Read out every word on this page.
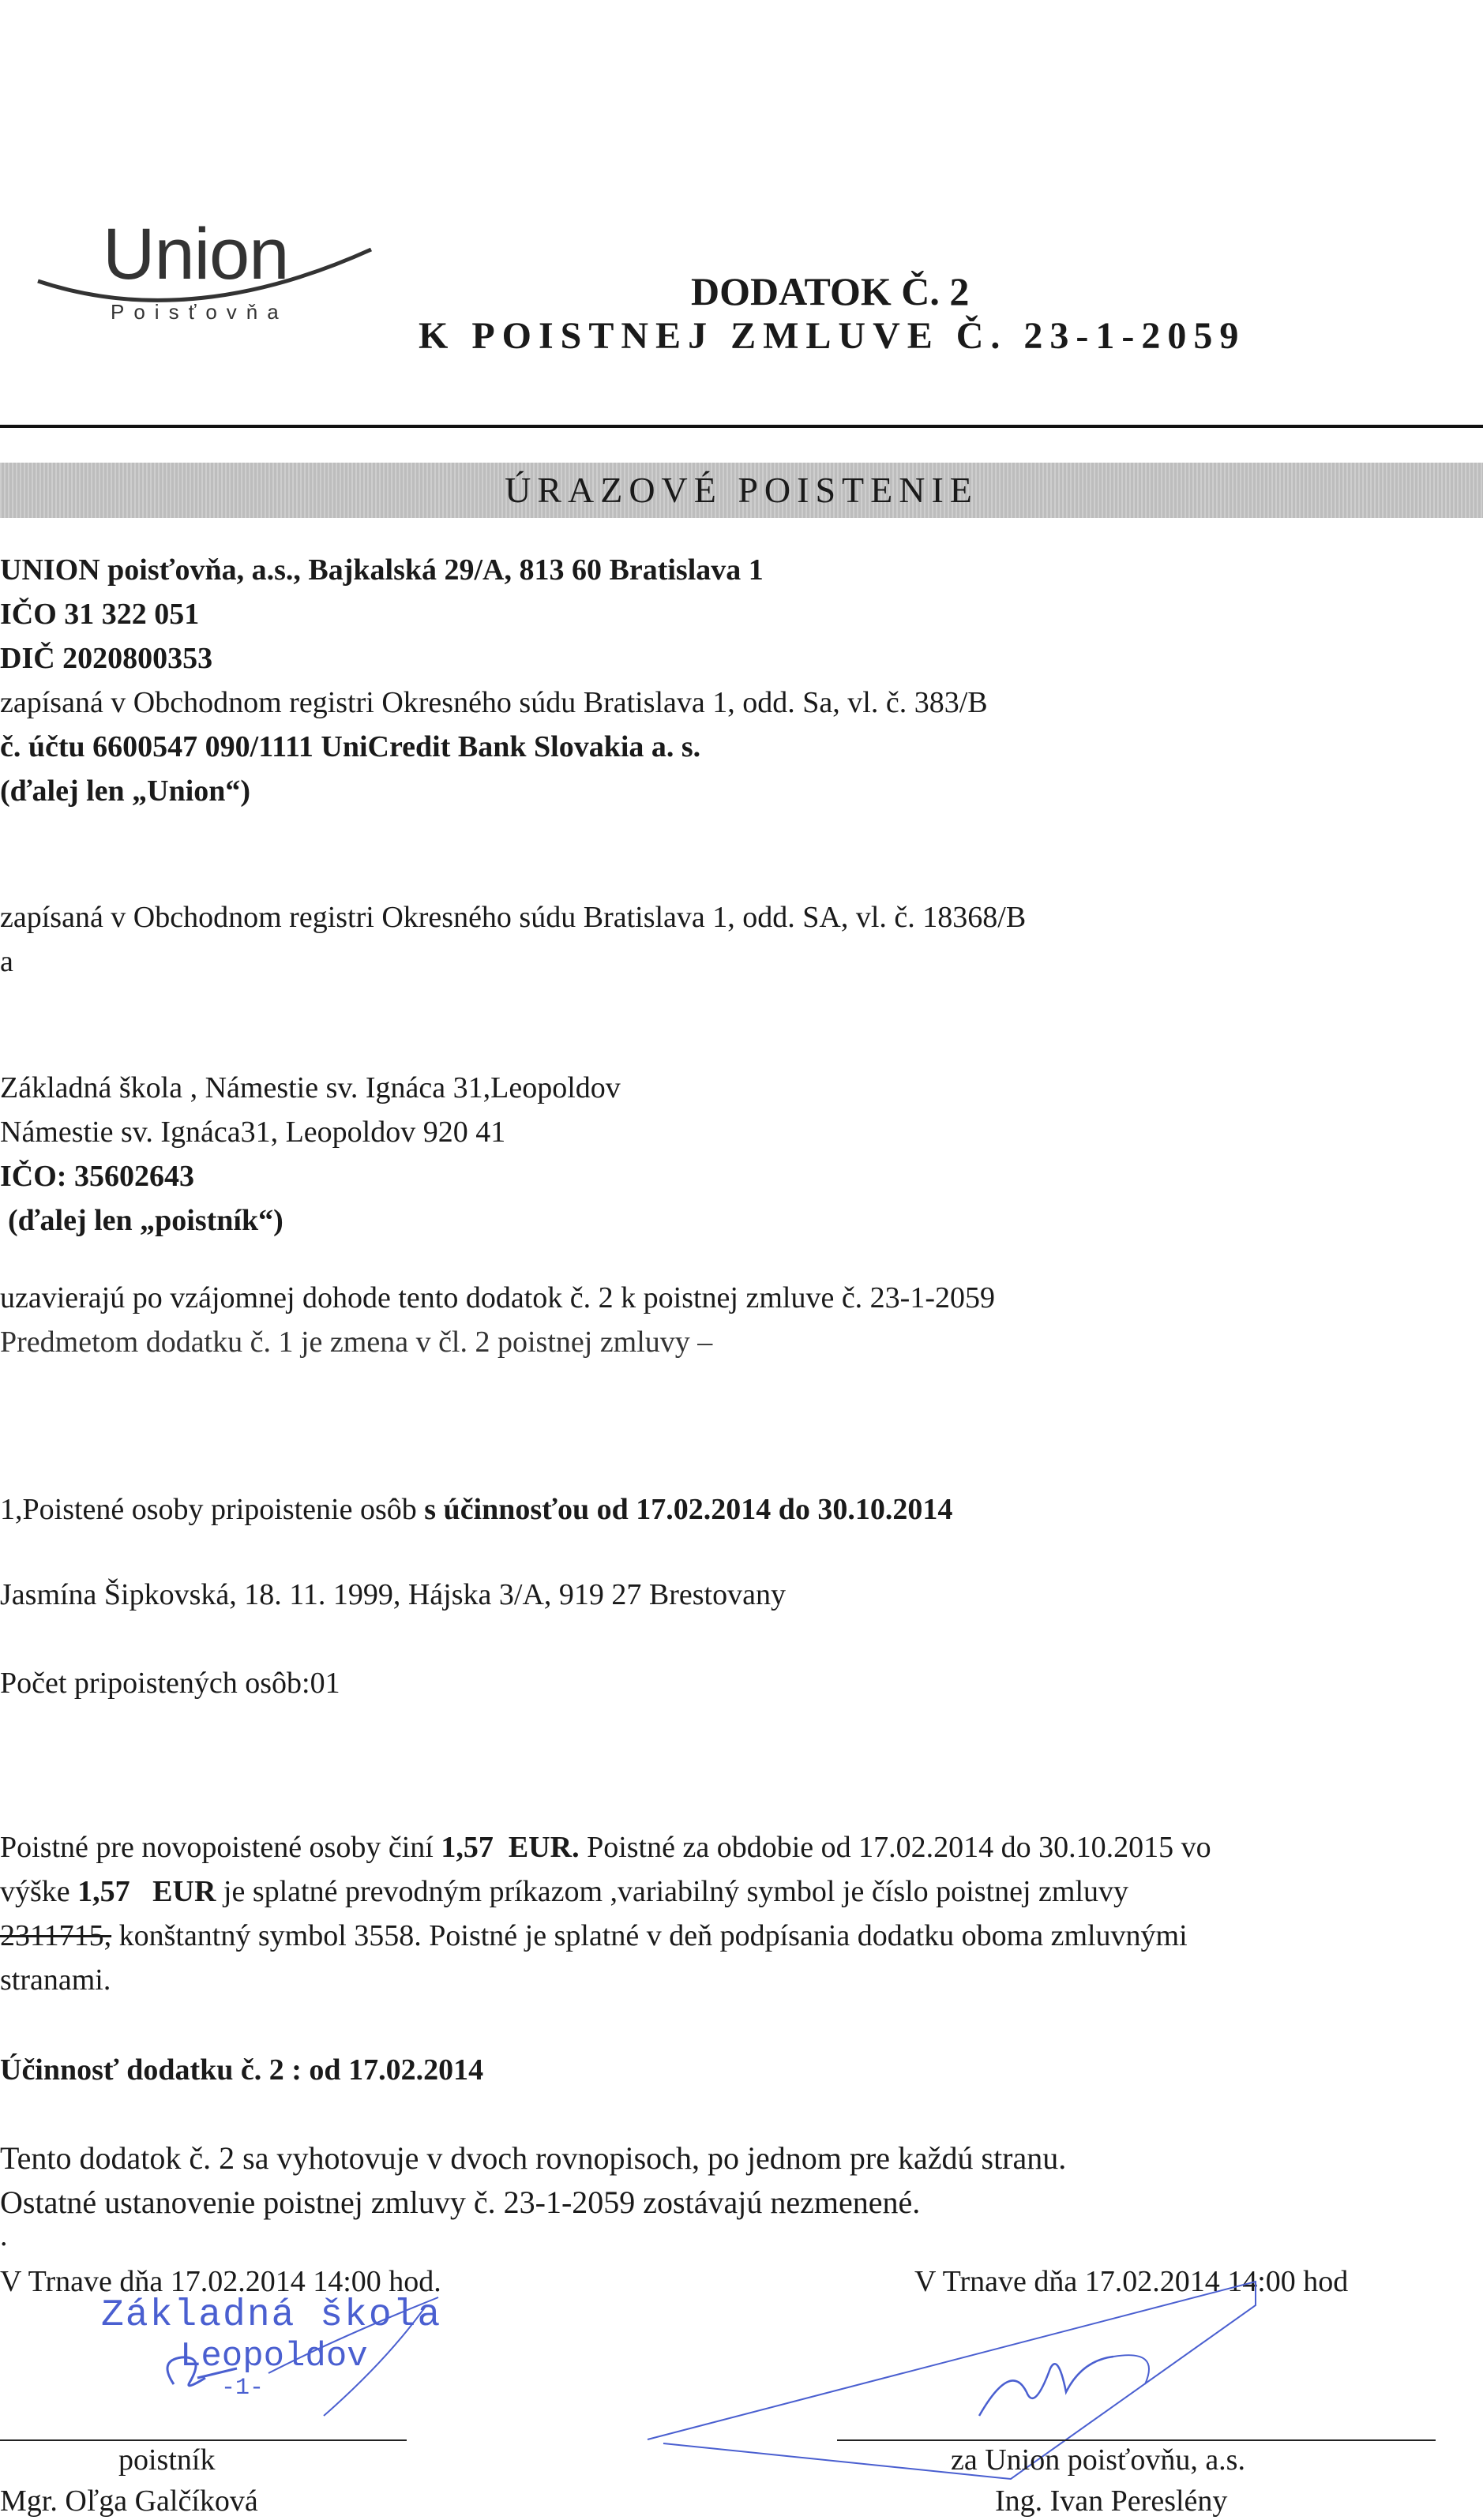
Union
Poisťovňa	DODATOK Č. 2
K POISTNEJ ZMLUVE Č. 23-1-2059
ÚRAZOVÉ POISTENIE
UNION poisťovňa, a.s., Bajkalská 29/A, 813 60 Bratislava 1
IČO 31 322 051
DIČ 2020800353
zapísaná v Obchodnom registri Okresného súdu Bratislava 1, odd. Sa, vl. č. 383/B
č. účtu 6600547 090/1111 UniCredit Bank Slovakia a. s.
(ďalej len „Union“)
zapísaná v Obchodnom registri Okresného súdu Bratislava 1, odd. SA, vl. č. 18368/B
a
Základná škola , Námestie sv. Ignáca 31,Leopoldov
Námestie sv. Ignáca31, Leopoldov 920 41
IČO: 35602643
(ďalej len „poistník“)
uzavierajú po vzájomnej dohode tento dodatok č. 2 k poistnej zmluve č. 23-1-2059
Predmetom dodatku č. 1 je zmena v čl. 2 poistnej zmluvy –
1,Poistené osoby pripoistenie osôb s účinnosťou od 17.02.2014 do 30.10.2014
Jasmína Šipkovská, 18. 11. 1999, Hájska 3/A, 919 27 Brestovany
Počet pripoistených osôb:01
Poistné pre novopoistené osoby činí 1,57 EUR. Poistné za obdobie od 17.02.2014 do 30.10.2015 vo
výške 1,57 EUR je splatné prevodným príkazom ,variabilný symbol je číslo poistnej zmluvy
2311715, konštantný symbol 3558. Poistné je splatné v deň podpísania dodatku oboma zmluvnými
stranami.
Účinnosť dodatku č. 2 : od 17.02.2014
Tento dodatok č. 2 sa vyhotovuje v dvoch rovnopisoch, po jednom pre každú stranu.
Ostatné ustanovenie poistnej zmluvy č. 23-1-2059 zostávajú nezmenené.
.
V Trnave dňa 17.02.2014 14:00 hod.	V Trnave dňa 17.02.2014 14:00 hod
Základná škola
Leopoldov
-1-
poistník
Mgr. Oľga Galčíková
za Union poisťovňu, a.s.
Ing. Ivan Pereslény
